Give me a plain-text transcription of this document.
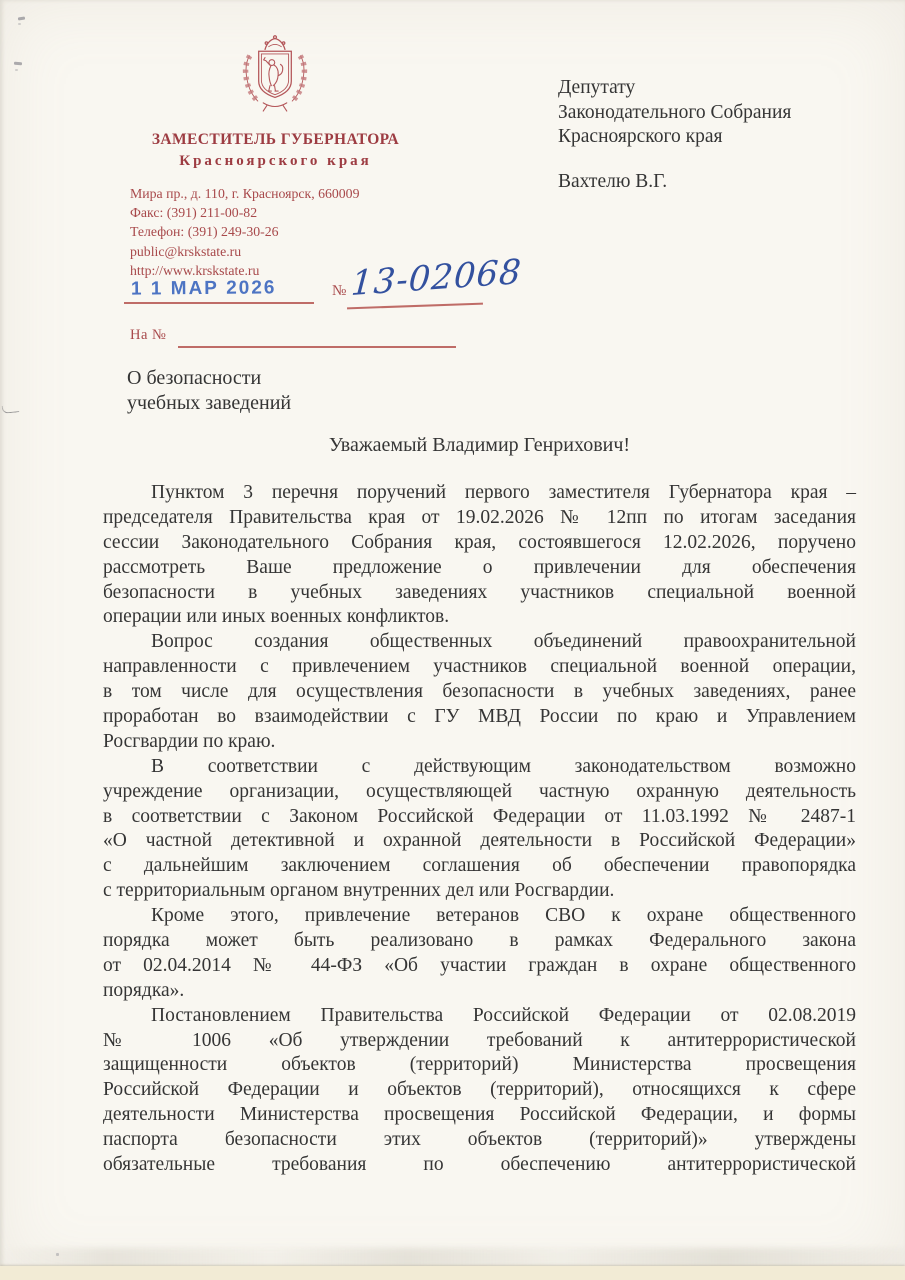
ЗАМЕСТИТЕЛЬ ГУБЕРНАТОРА
Красноярского края
Мира пр., д. 110, г. Красноярск, 660009
Факс: (391) 211-00-82
Телефон: (391) 249-30-26
public@krskstate.ru
http://www.krskstate.ru
1 1 МАР 2026	№ 13-02068
На №
Депутату
Законодательного Собрания
Красноярского края
Вахтелю В.Г.
О безопасности
учебных заведений
Уважаемый Владимир Генрихович!
Пунктом 3 перечня поручений первого заместителя Губернатора края –
председателя Правительства края от 19.02.2026 № 12пп по итогам заседания
сессии Законодательного Собрания края, состоявшегося 12.02.2026, поручено
рассмотреть Ваше предложение о привлечении для обеспечения
безопасности в учебных заведениях участников специальной военной
операции или иных военных конфликтов.
Вопрос создания общественных объединений правоохранительной
направленности с привлечением участников специальной военной операции,
в том числе для осуществления безопасности в учебных заведениях, ранее
проработан во взаимодействии с ГУ МВД России по краю и Управлением
Росгвардии по краю.
В соответствии с действующим законодательством возможно
учреждение организации, осуществляющей частную охранную деятельность
в соответствии с Законом Российской Федерации от 11.03.1992 № 2487-1
«О частной детективной и охранной деятельности в Российской Федерации»
с дальнейшим заключением соглашения об обеспечении правопорядка
с территориальным органом внутренних дел или Росгвардии.
Кроме этого, привлечение ветеранов СВО к охране общественного
порядка может быть реализовано в рамках Федерального закона
от 02.04.2014 № 44-ФЗ «Об участии граждан в охране общественного
порядка».
Постановлением Правительства Российской Федерации от 02.08.2019
№ 1006 «Об утверждении требований к антитеррористической
защищенности объектов (территорий) Министерства просвещения
Российской Федерации и объектов (территорий), относящихся к сфере
деятельности Министерства просвещения Российской Федерации, и формы
паспорта безопасности этих объектов (территорий)» утверждены
обязательные требования по обеспечению антитеррористической
